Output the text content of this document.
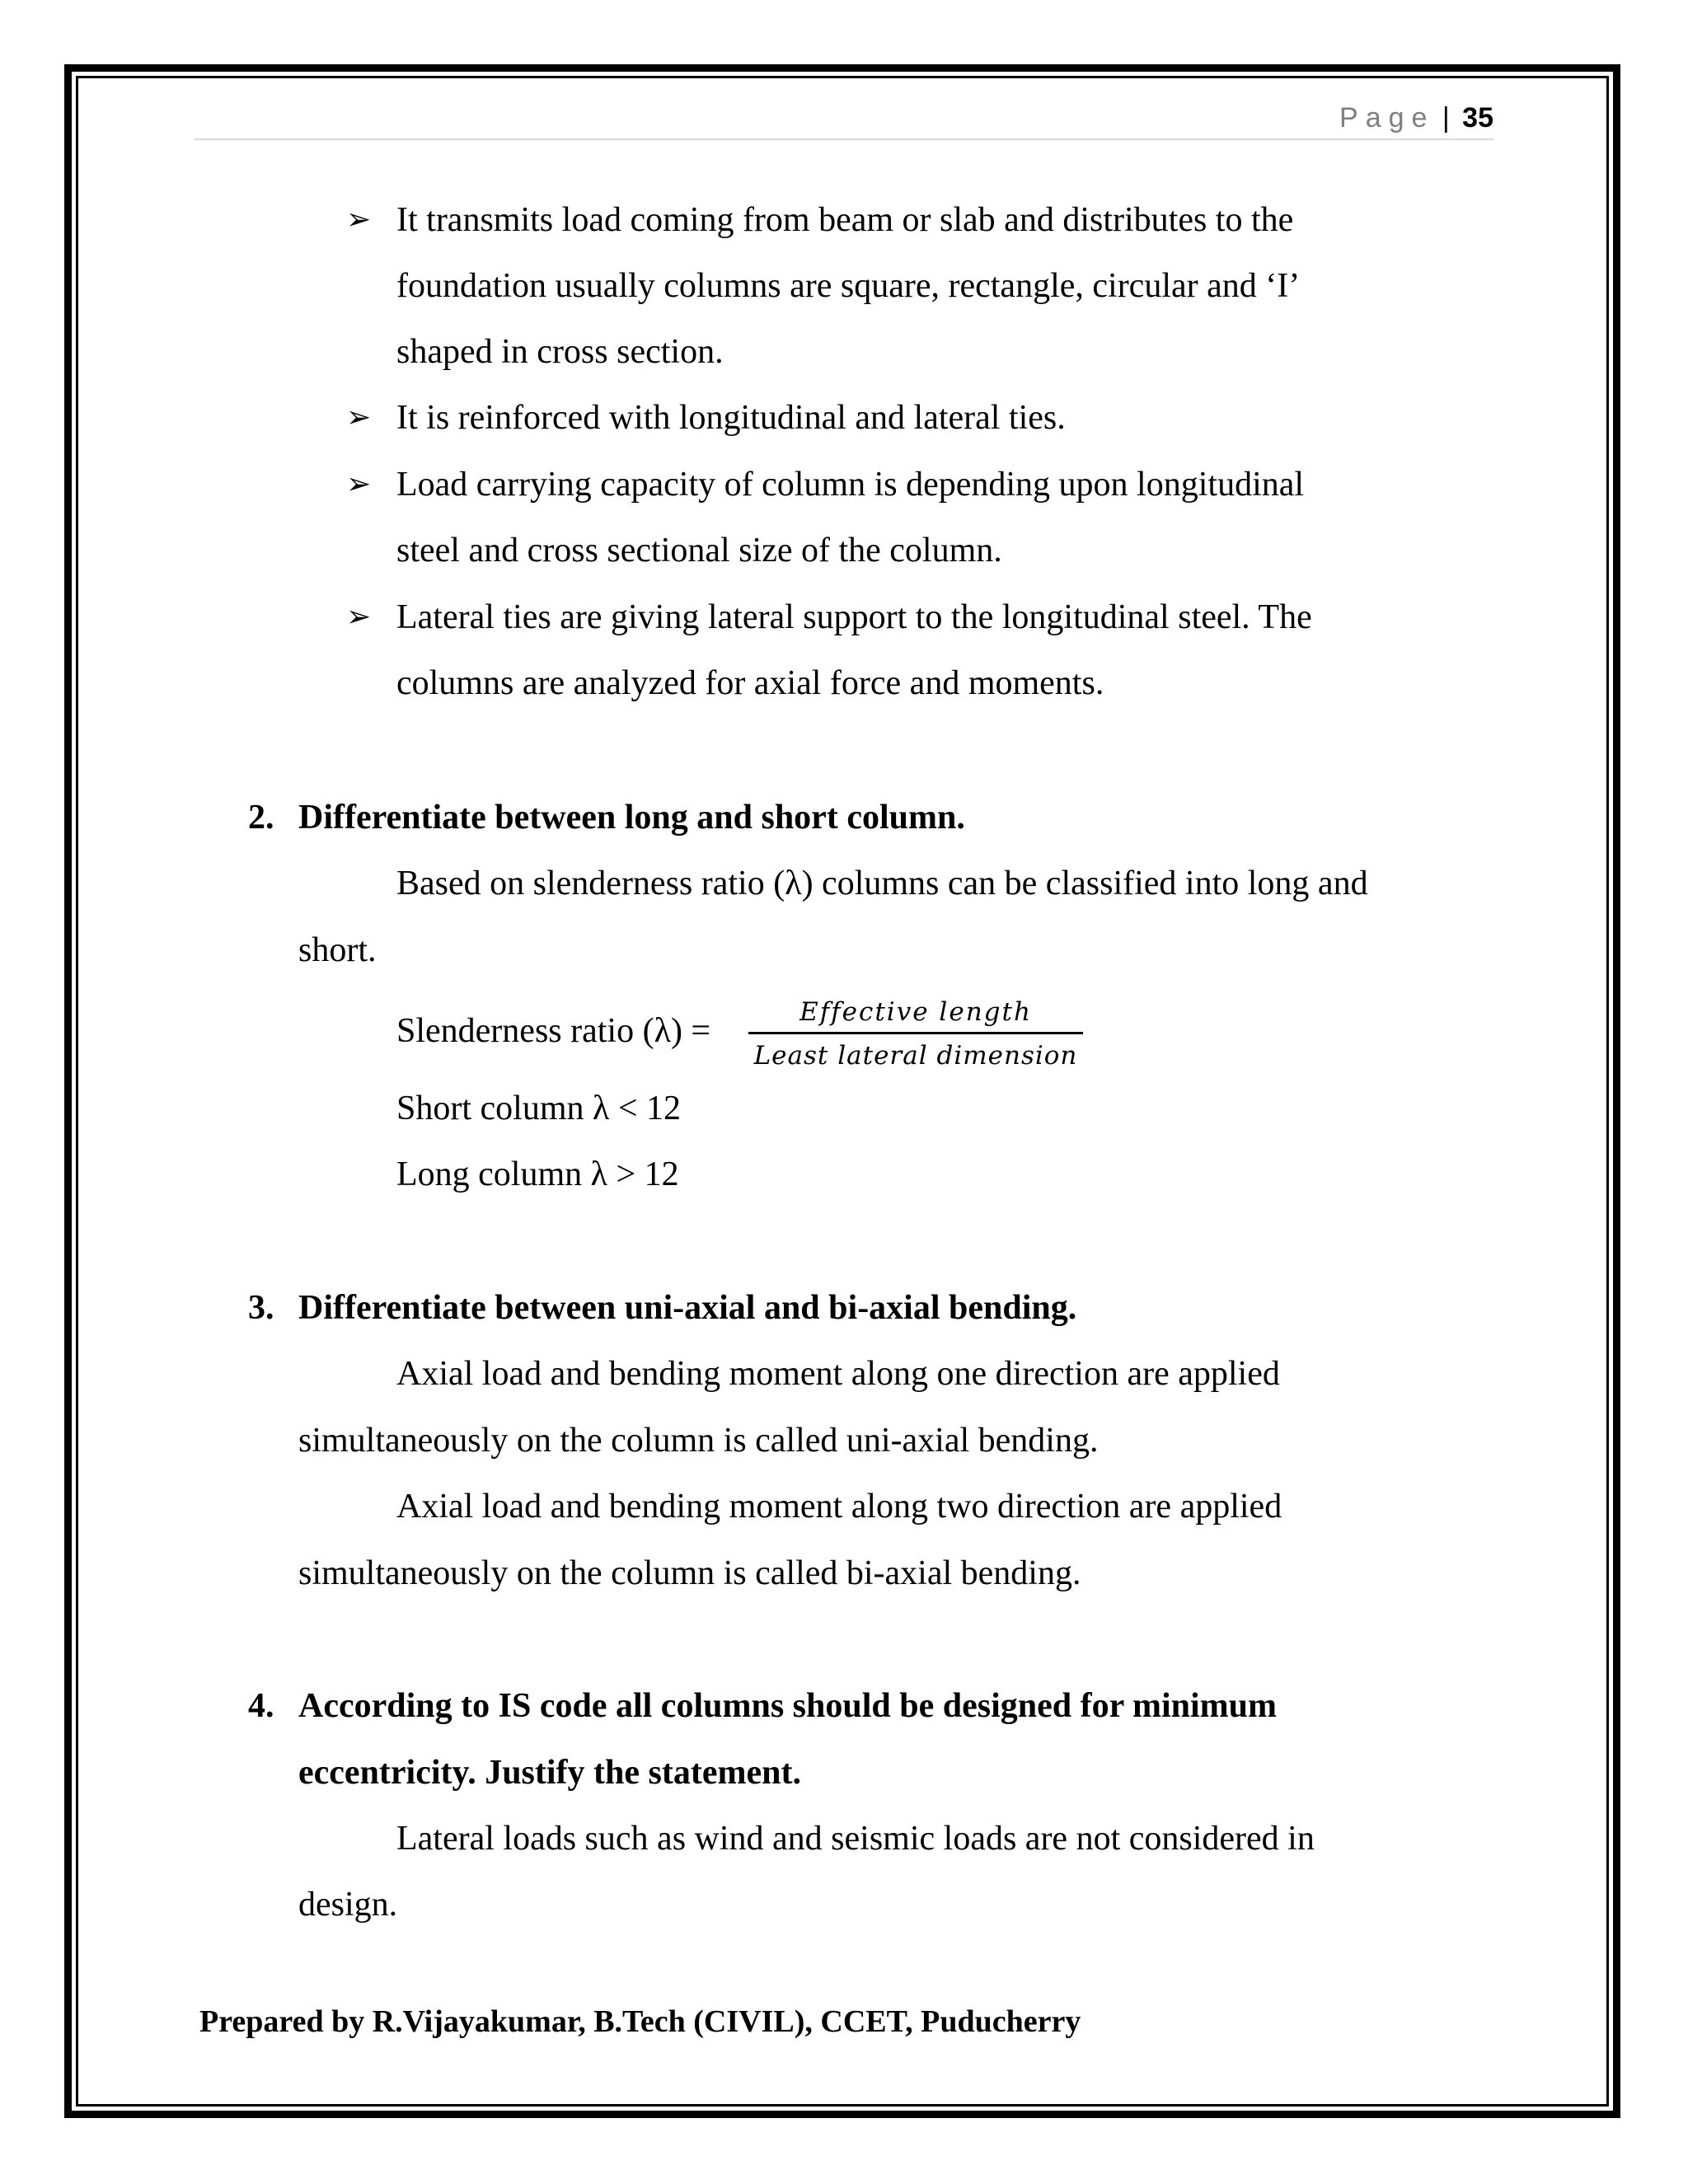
Page | 35
➢ It transmits load coming from beam or slab and distributes to the
foundation usually columns are square, rectangle, circular and ‘I’
shaped in cross section.
➢ It is reinforced with longitudinal and lateral ties.
➢ Load carrying capacity of column is depending upon longitudinal
steel and cross sectional size of the column.
➢ Lateral ties are giving lateral support to the longitudinal steel. The
columns are analyzed for axial force and moments.
2. Differentiate between long and short column.
Based on slenderness ratio (λ) columns can be classified into long and
short.
Slenderness ratio (λ) =	Effective length
Least lateral dimension
Short column λ < 12
Long column λ > 12
3. Differentiate between uni-axial and bi-axial bending.
Axial load and bending moment along one direction are applied
simultaneously on the column is called uni-axial bending.
Axial load and bending moment along two direction are applied
simultaneously on the column is called bi-axial bending.
4. According to IS code all columns should be designed for minimum
eccentricity. Justify the statement.
Lateral loads such as wind and seismic loads are not considered in
design.
Prepared by R.Vijayakumar, B.Tech (CIVIL), CCET, Puducherry
